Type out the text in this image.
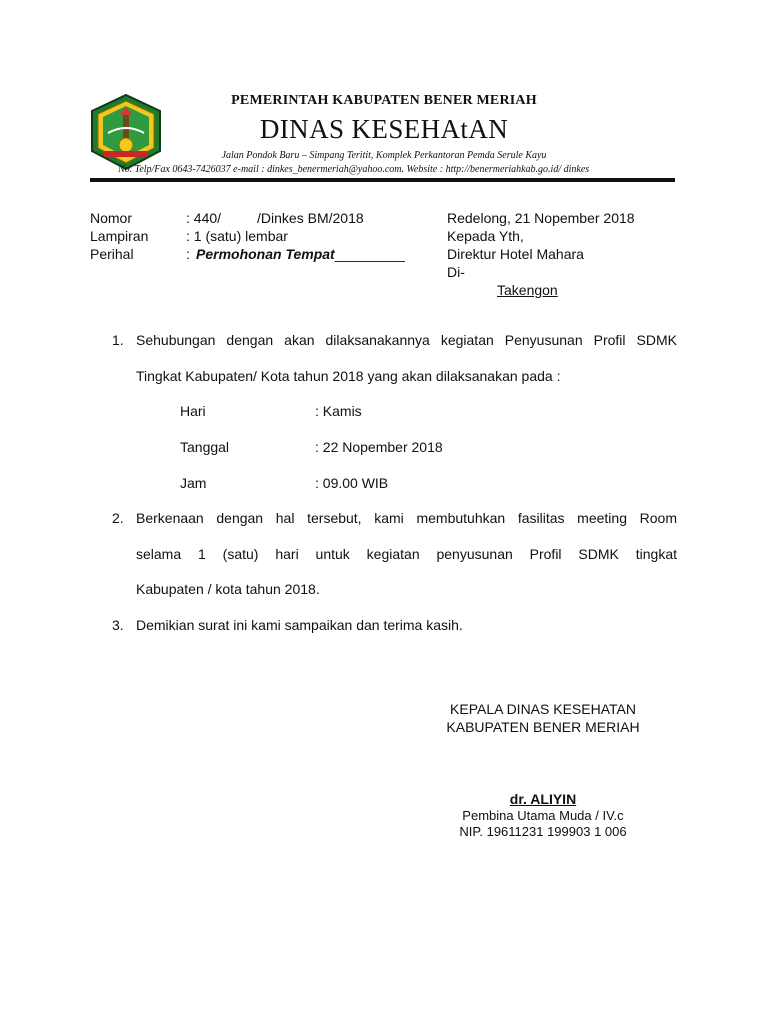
PEMERINTAH KABUPATEN BENER MERIAH
DINAS KESEHAtAN
Jalan Pondok Baru – Simpang Teritit, Komplek Perkantoran Pemda Serule Kayu
No. Telp/Fax 0643-7426037 e-mail : dinkes_benermeriah@yahoo.com. Website : http://benermeriahkab.go.id/ dinkes
Nomor	: 440/	/Dinkes BM/2018
Lampiran	: 1 (satu) lembar
Perihal	: Permohonan Tempat_________
Redelong, 21 Nopember 2018
Kepada Yth,
Direktur Hotel Mahara
Di-
Takengon
1. Sehubungan dengan akan dilaksanakannya kegiatan Penyusunan Profil SDMK
Tingkat Kabupaten/ Kota tahun 2018 yang akan dilaksanakan pada :
Hari	: Kamis
Tanggal	: 22 Nopember 2018
Jam	: 09.00 WIB
2. Berkenaan dengan hal tersebut, kami membutuhkan fasilitas meeting Room
selama 1 (satu) hari untuk kegiatan penyusunan Profil SDMK tingkat
Kabupaten / kota tahun 2018.
3. Demikian surat ini kami sampaikan dan terima kasih.
KEPALA DINAS KESEHATAN
KABUPATEN BENER MERIAH
dr. ALIYIN
Pembina Utama Muda / IV.c
NIP. 19611231 199903 1 006
